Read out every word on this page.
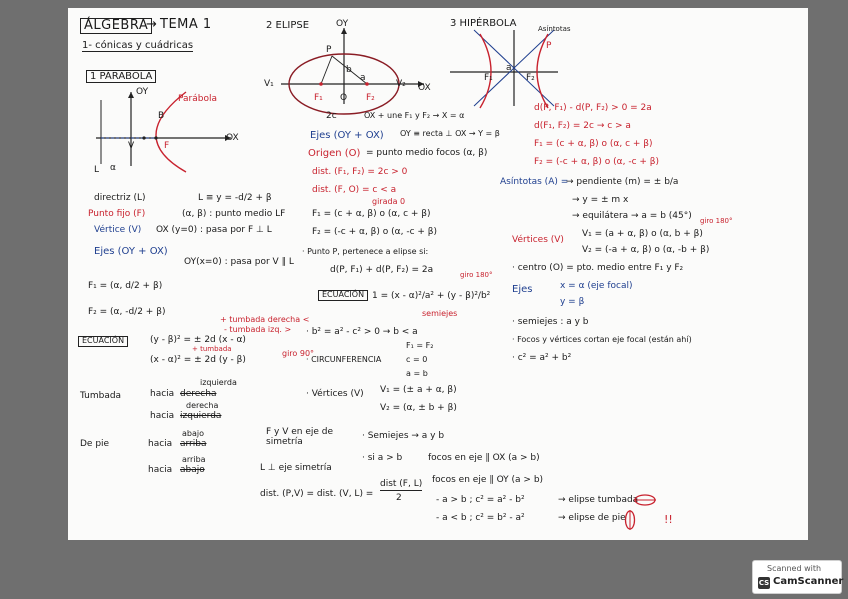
ÁLGEBRA
→ TEMA 1
1- cónicas y cuádricas
1 PÁRABOLA
OY
Parábola
OX
V	F
B
L α
directriz (L)	L ≡ y = -d/2 + β
Punto fijo (F)	(α, β) : punto medio LF
Vértice (V) OX (y=0) : pasa por F ⊥ L
Ejes (OY + OX)
OY(x=0) : pasa por V ∥ L
F₁ = (α, d/2 + β)
F₂ = (α, -d/2 + β)
ECUACIÓN	(y - β)² = ± 2d (x - α)
(x - α)² = ± 2d (y - β)
+ tumbada derecha <
- tumbada izq. >
+ tumbada	giro 90°
Tumbada	hacia derecha
izquierda
hacia izquierda
derecha
De pie	hacia arriba
abajo
hacia abajo
arriba
F y V en eje de simetría
L ⊥ eje simetría
dist. (P,V) = dist. (V, L) =
dist (F, L)
2
2 ELIPSE	OY
P
V₁	V₂ OX
F₁ O F₂
b
a
2c	OX + une F₁ y F₂ → X = α
Ejes (OY + OX) OY ≡ recta ⊥ OX → Y = β
Origen (O) = punto medio focos (α, β)
dist. (F₁, F₂) = 2c > 0
dist. (F, O) = c < a
girada 0
F₁ = (c + α, β) o (α, c + β)
F₂ = (-c + α, β) o (α, -c + β)
· Punto P, pertenece a elipse si:
d(P, F₁) + d(P, F₂) = 2a	giro 180°
ECUACIÓN 1 = (x - α)²/a² + (y - β)²/b²
semiejes
· b² = a² - c² > 0 → b < a
· CIRCUNFERENCIA
F₁ = F₂
c = 0
a = b
· Vértices (V) V₁ = (± a + α, β)
V₂ = (α, ± b + β)
· Semiejes → a y b
· si a > b	focos en eje ∥ OX (a > b)
focos en eje ∥ OY (a > b)
- a > b ; c² = a² - b²	→ elipse tumbada
- a < b ; c² = b² - a²	→ elipse de pie	!!
3 HIPÉRBOLA	Asíntotas
P
F₁	F₂
a
d(P, F₁) - d(P, F₂) > 0 = 2a
d(F₁, F₂) = 2c → c > a
F₁ = (c + α, β) o (α, c + β)
F₂ = (-c + α, β) o (α, -c + β)
Asíntotas (A) =
→ pendiente (m) = ± b/a
→ y = ± m x
→ equilátera → a = b (45°)
Vértices (V)
V₁ = (a + α, β) o (α, b + β)
V₂ = (-a + α, β) o (α, -b + β)
giro 180°
· centro (O) = pto. medio entre F₁ y F₂
Ejes	x = α (eje focal)
y = β
· semiejes : a y b
· Focos y vértices cortan eje focal (están ahí)
· c² = a² + b²
Scanned with
CS CamScanner
